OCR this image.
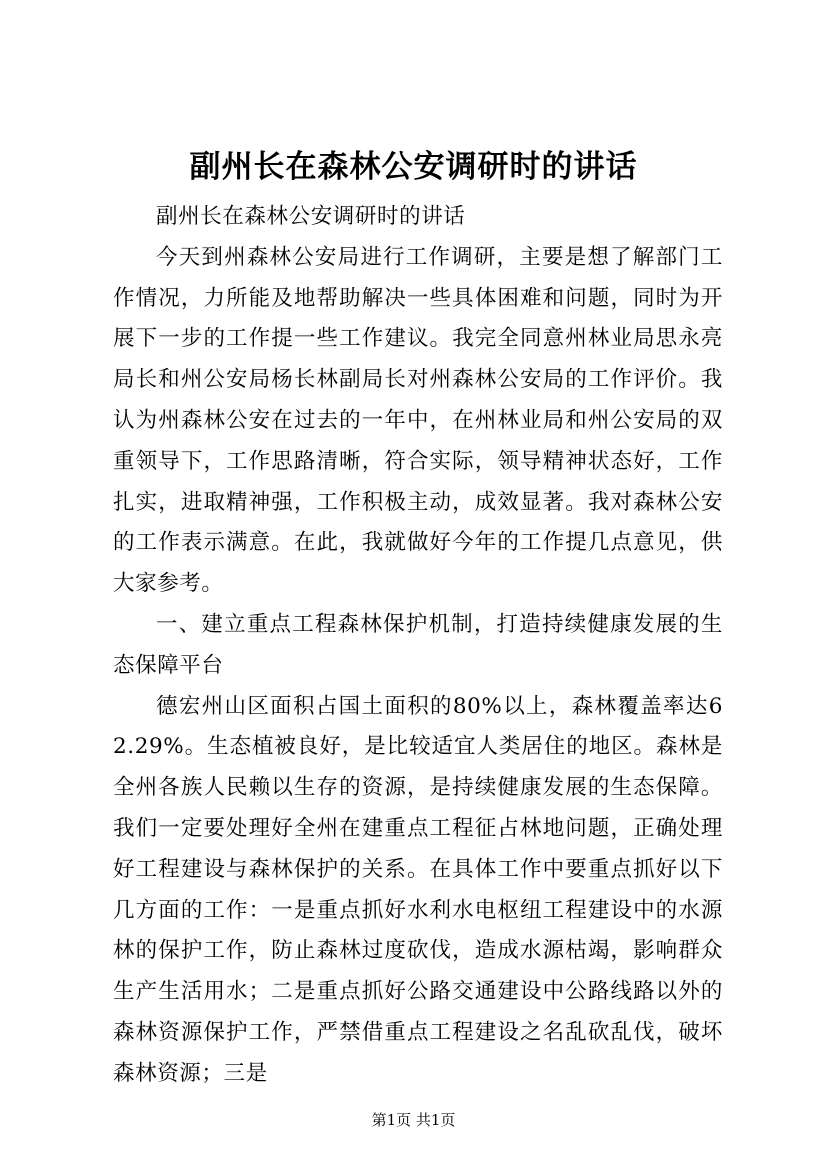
副州长在森林公安调研时的讲话

副州长在森林公安调研时的讲话

今天到州森林公安局进行工作调研，主要是想了解部门工作情况，力所能及地帮助解决一些具体困难和问题，同时为开展下一步的工作提一些工作建议。我完全同意州林业局思永亮局长和州公安局杨长林副局长对州森林公安局的工作评价。我认为州森林公安在过去的一年中，在州林业局和州公安局的双重领导下，工作思路清晰，符合实际，领导精神状态好，工作扎实，进取精神强，工作积极主动，成效显著。我对森林公安的工作表示满意。在此，我就做好今年的工作提几点意见，供大家参考。

一、建立重点工程森林保护机制，打造持续健康发展的生态保障平台

德宏州山区面积占国土面积的80%以上，森林覆盖率达62.29%。生态植被良好，是比较适宜人类居住的地区。森林是全州各族人民赖以生存的资源，是持续健康发展的生态保障。我们一定要处理好全州在建重点工程征占林地问题，正确处理好工程建设与森林保护的关系。在具体工作中要重点抓好以下几方面的工作：一是重点抓好水利水电枢纽工程建设中的水源林的保护工作，防止森林过度砍伐，造成水源枯竭，影响群众生产生活用水；二是重点抓好公路交通建设中公路线路以外的森林资源保护工作，严禁借重点工程建设之名乱砍乱伐，破坏森林资源；三是

第1页 共1页
